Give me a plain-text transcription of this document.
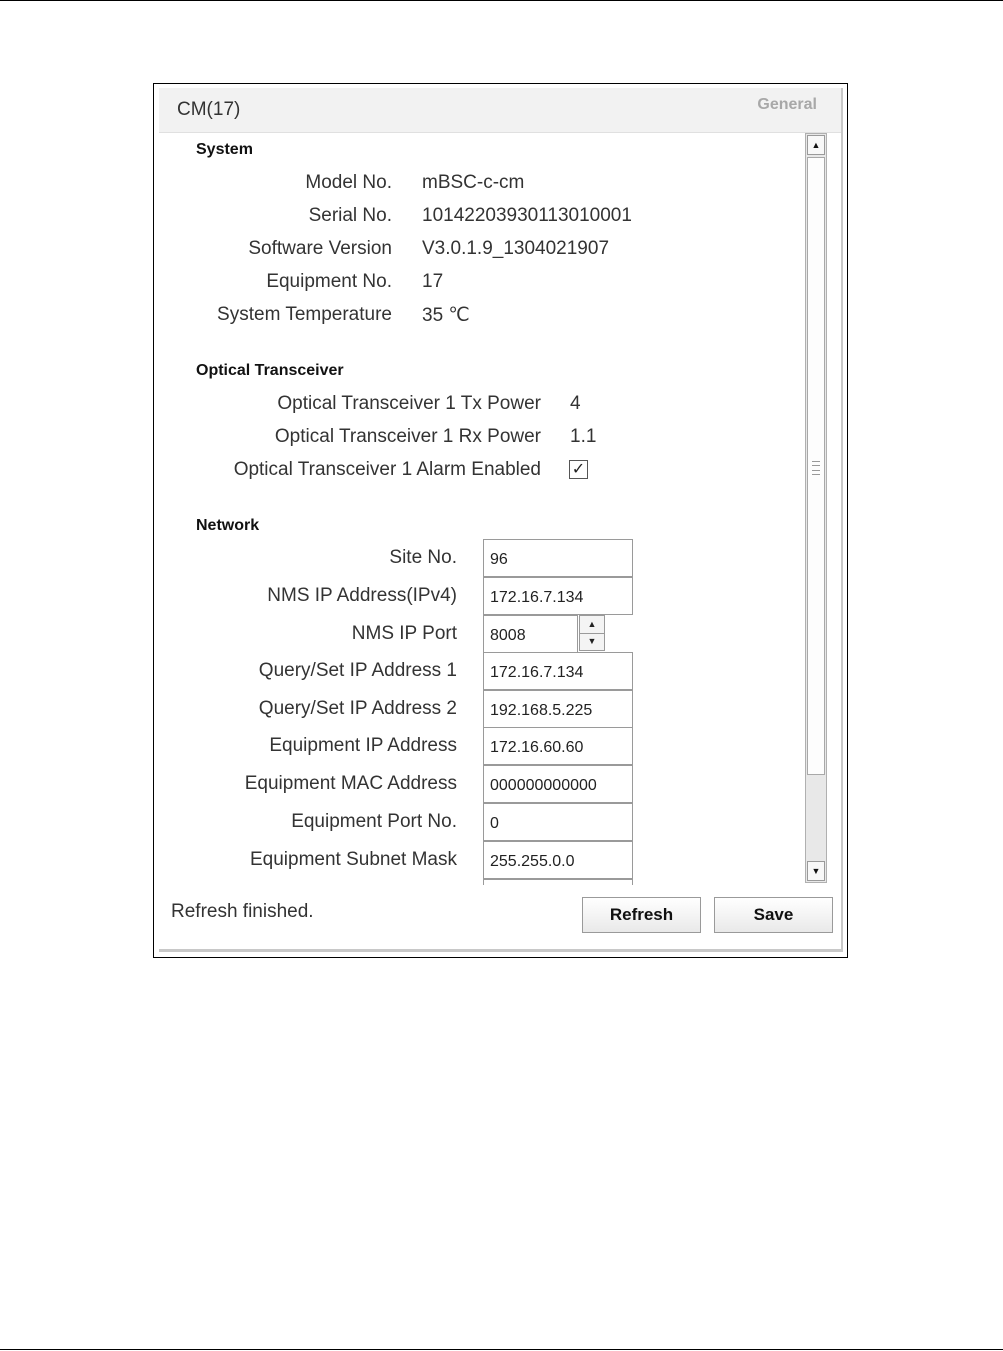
CM(17)	General
System
Model No. mBSC-c-cm
Serial No. 10142203930113010001
Software Version V3.0.1.9_1304021907
Equipment No. 17
System Temperature 35 ℃
Optical Transceiver
Optical Transceiver 1 Tx Power 4
Optical Transceiver 1 Rx Power 1.1
Optical Transceiver 1 Alarm Enabled ✓
Network
Site No.
96
NMS IP Address(IPv4)
172.16.7.134
NMS IP Port
8008	▲
▼
Query/Set IP Address 1
172.16.7.134
Query/Set IP Address 2
192.168.5.225
Equipment IP Address
172.16.60.60
Equipment MAC Address
000000000000
Equipment Port No.
0
Equipment Subnet Mask
255.255.0.0
▲
▼
Refresh finished.	Refresh	Save
